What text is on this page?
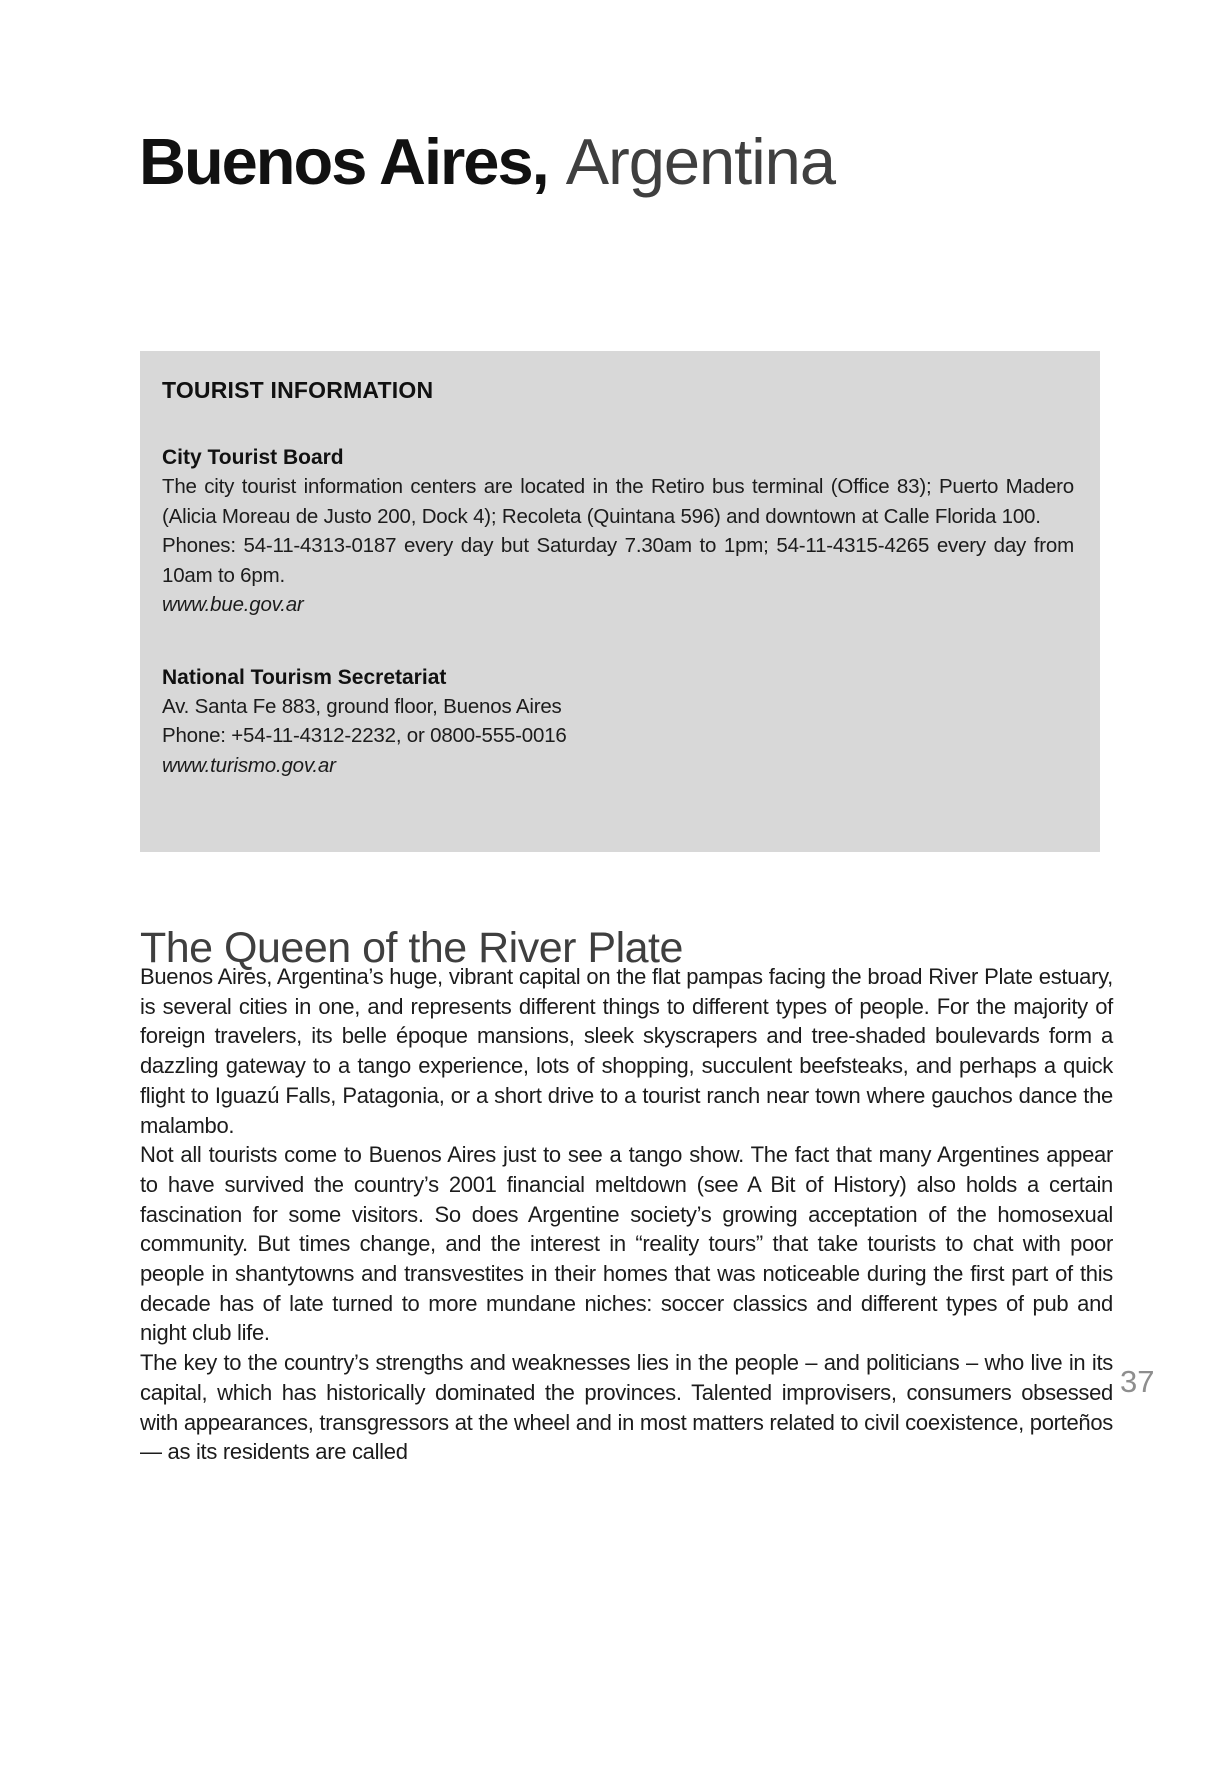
Buenos Aires, Argentina
TOURIST INFORMATION
City Tourist Board

The city tourist information centers are located in the Retiro bus terminal (Office 83); Puerto Madero (Alicia Moreau de Justo 200, Dock 4); Recoleta (Quintana 596) and downtown at Calle Florida 100.

Phones: 54-11-4313-0187 every day but Saturday 7.30am to 1pm; 54-11-4315-4265 every day from 10am to 6pm.

www.bue.gov.ar

National Tourism Secretariat

Av. Santa Fe 883, ground floor, Buenos Aires

Phone: +54-11-4312-2232, or 0800-555-0016

www.turismo.gov.ar

The Queen of the River Plate

Buenos Aires, Argentina’s huge, vibrant capital on the flat pampas facing the broad River Plate estuary, is several cities in one, and represents different things to different types of people. For the majority of foreign travelers, its belle époque mansions, sleek skyscrapers and tree-shaded boulevards form a dazzling gateway to a tango experience, lots of shopping, succulent beefsteaks, and perhaps a quick flight to Iguazú Falls, Patagonia, or a short drive to a tourist ranch near town where gauchos dance the malambo.

Not all tourists come to Buenos Aires just to see a tango show. The fact that many Argentines appear to have survived the country’s 2001 financial meltdown (see A Bit of History) also holds a certain fascination for some visitors. So does Argentine society’s growing acceptation of the homosexual community. But times change, and the interest in “reality tours” that take tourists to chat with poor people in shantytowns and transvestites in their homes that was noticeable during the first part of this decade has of late turned to more mundane niches: soccer classics and different types of pub and night club life.

The key to the country’s strengths and weaknesses lies in the people – and politicians – who live in its capital, which has historically dominated the provinces. Talented improvisers, consumers obsessed with appearances, transgressors at the wheel and in most matters related to civil coexistence, porteños — as its residents are called

37
